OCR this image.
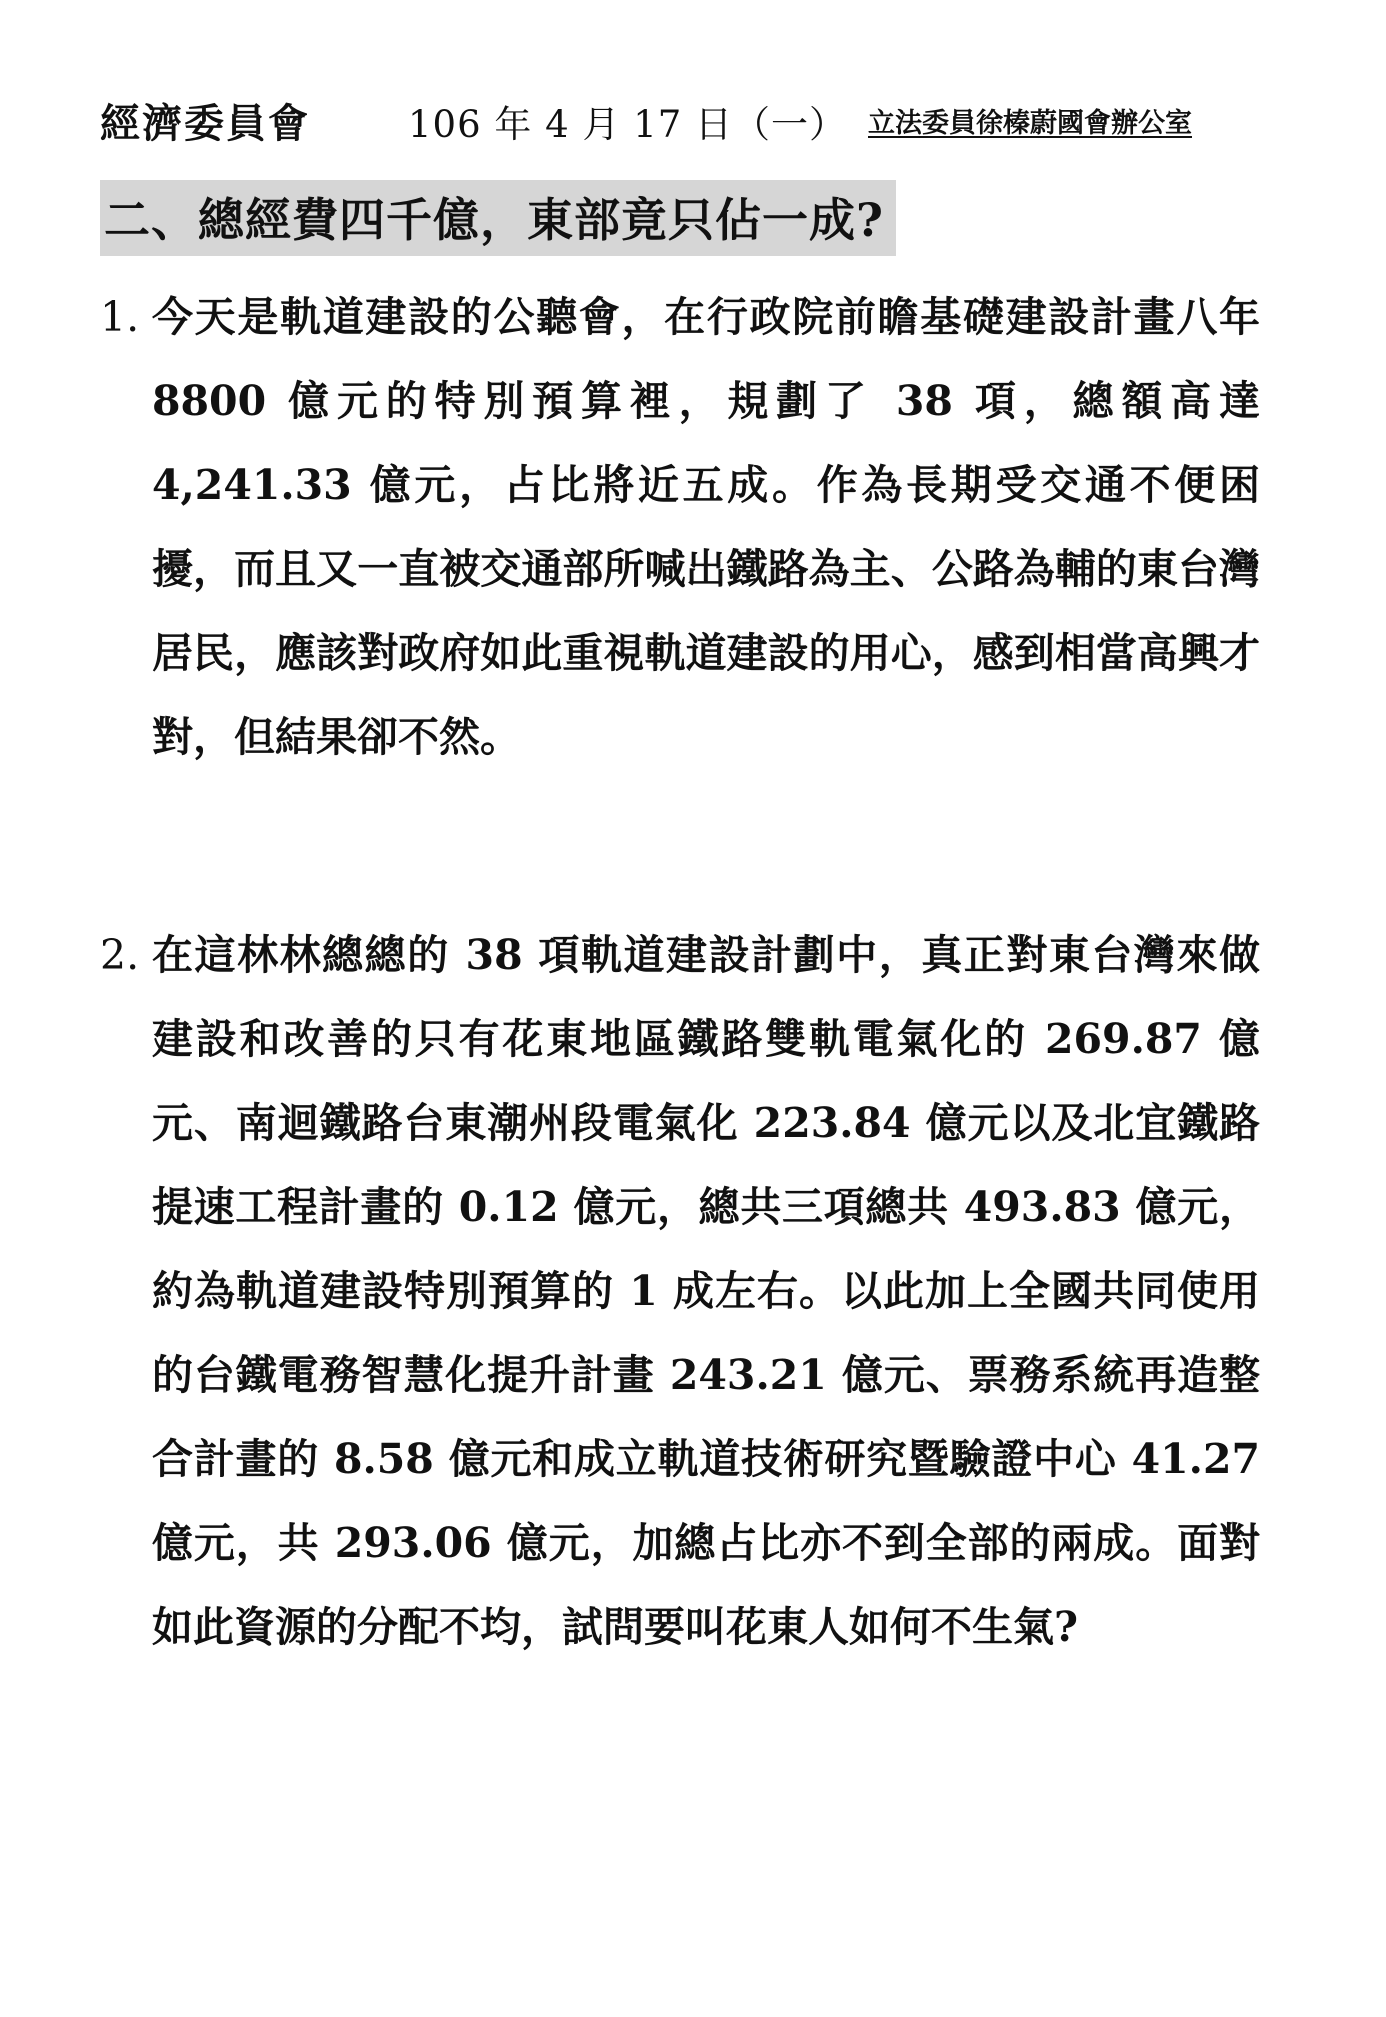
經濟委員會	106 年 4 月 17 日（一） 立法委員徐榛蔚國會辦公室
二、總經費四千億，東部竟只佔一成?
1. 今天是軌道建設的公聽會，在行政院前瞻基礎建設計畫八年 8800 億元的特別預算裡，規劃了 38 項，總額高達 4,241.33 億元，占比將近五成。作為長期受交通不便困擾，而且又一直被交通部所喊出鐵路為主、公路為輔的東台灣居民，應該對政府如此重視軌道建設的用心，感到相當高興才對，但結果卻不然。
2. 在這林林總總的 38 項軌道建設計劃中，真正對東台灣來做建設和改善的只有花東地區鐵路雙軌電氣化的 269.87 億元、南迴鐵路台東潮州段電氣化 223.84 億元以及北宜鐵路提速工程計畫的 0.12 億元，總共三項總共 493.83 億元，約為軌道建設特別預算的 1 成左右。以此加上全國共同使用的台鐵電務智慧化提升計畫 243.21 億元、票務系統再造整合計畫的 8.58 億元和成立軌道技術研究暨驗證中心 41.27 億元，共 293.06 億元，加總占比亦不到全部的兩成。面對如此資源的分配不均，試問要叫花東人如何不生氣?
